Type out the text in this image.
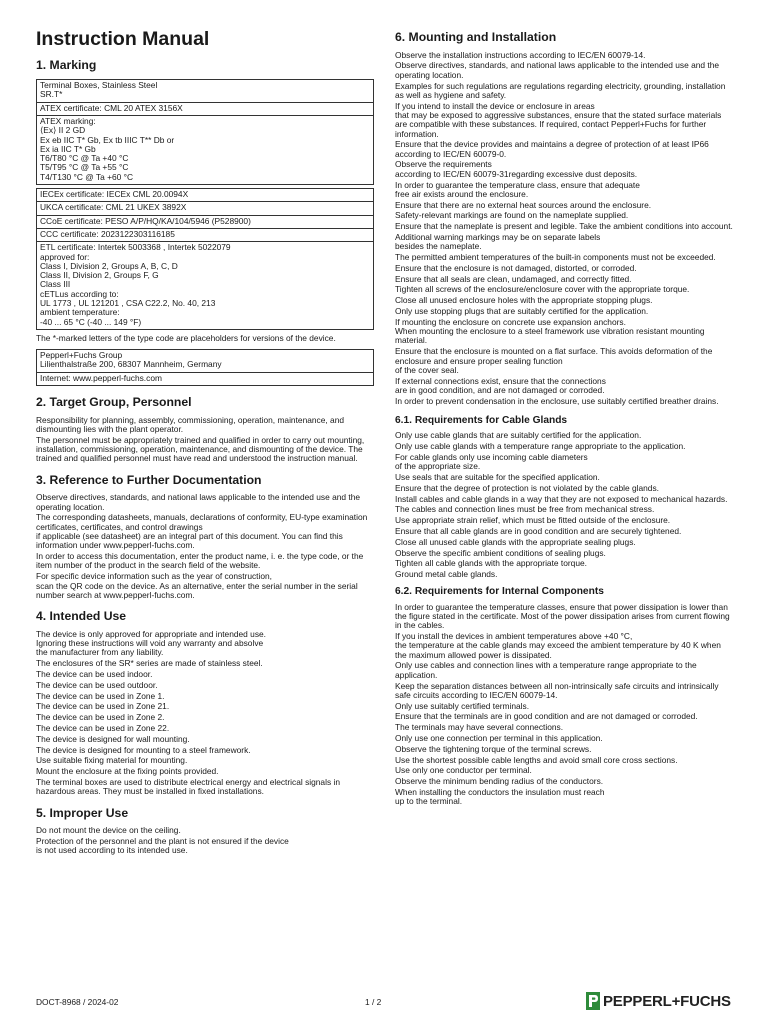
Instruction Manual
1. Marking

Terminal Boxes, Stainless Steel
SR.T*

ATEX certificate: CML 20 ATEX 3156X

ATEX marking:
⟨Ex⟩ II 2 GD
Ex eb IIC T* Gb, Ex tb IIIC T** Db or
Ex ia IIC T* Gb
T6/T80 °C @ Ta +40 °C
T5/T95 °C @ Ta +55 °C
T4/T130 °C @ Ta +60 °C

IECEx certificate: IECEx CML 20.0094X

UKCA certificate: CML 21 UKEX 3892X

CCoE certificate: PESO A/P/HQ/KA/104/5946 (P528900)

CCC certificate: 2023122303116185

ETL certificate: Intertek 5003368 , Intertek 5022079
approved for:
Class I, Division 2, Groups A, B, C, D
Class II, Division 2, Groups F, G
Class III
cETLus according to:
UL 1773 , UL 121201 , CSA C22.2, No. 40, 213
ambient temperature:
-40 ... 65 °C (-40 ... 149 °F)

The *-marked letters of the type code are placeholders for versions of the device.

Pepperl+Fuchs Group
Lilienthalstraße 200, 68307 Mannheim, Germany

Internet: www.pepperl-fuchs.com

2. Target Group, Personnel

Responsibility for planning, assembly, commissioning, operation, maintenance, and dismounting lies with the plant operator.

The personnel must be appropriately trained and qualified in order to carry out mounting, installation, commissioning, operation, maintenance, and dismounting of the device. The trained and qualified personnel must have read and understood the instruction manual.

3. Reference to Further Documentation

Observe directives, standards, and national laws applicable to the intended use and the operating location.

The corresponding datasheets, manuals, declarations of conformity, EU-type examination certificates, certificates, and control drawings
if applicable (see datasheet) are an integral part of this document. You can find this information under www.pepperl-fuchs.com.

In order to access this documentation, enter the product name, i. e. the type code, or the item number of the product in the search field of the website.

For specific device information such as the year of construction,
scan the QR code on the device. As an alternative, enter the serial number in the serial number search at www.pepperl-fuchs.com.

4. Intended Use

The device is only approved for appropriate and intended use.
Ignoring these instructions will void any warranty and absolve
the manufacturer from any liability.

The enclosures of the SR* series are made of stainless steel.

The device can be used indoor.

The device can be used outdoor.

The device can be used in Zone 1.

The device can be used in Zone 21.

The device can be used in Zone 2.

The device can be used in Zone 22.

The device is designed for wall mounting.

The device is designed for mounting to a steel framework.

Use suitable fixing material for mounting.

Mount the enclosure at the fixing points provided.

The terminal boxes are used to distribute electrical energy and electrical signals in hazardous areas. They must be installed in fixed installations.

5. Improper Use

Do not mount the device on the ceiling.

Protection of the personnel and the plant is not ensured if the device
is not used according to its intended use.

6. Mounting and Installation

Observe the installation instructions according to IEC/EN 60079-14.

Observe directives, standards, and national laws applicable to the intended use and the operating location.

Examples for such regulations are regulations regarding electricity, grounding, installation as well as hygiene and safety.

If you intend to install the device or enclosure in areas
that may be exposed to aggressive substances, ensure that the stated surface materials are compatible with these substances. If required, contact Pepperl+Fuchs for further information.

Ensure that the device provides and maintains a degree of protection of at least IP66 according to IEC/EN 60079-0.

Observe the requirements
according to IEC/EN 60079-31regarding excessive dust deposits.

In order to guarantee the temperature class, ensure that adequate
free air exists around the enclosure.

Ensure that there are no external heat sources around the enclosure.

Safety-relevant markings are found on the nameplate supplied.

Ensure that the nameplate is present and legible. Take the ambient conditions into account.

Additional warning markings may be on separate labels
besides the nameplate.

The permitted ambient temperatures of the built-in components must not be exceeded.

Ensure that the enclosure is not damaged, distorted, or corroded.

Ensure that all seals are clean, undamaged, and correctly fitted.

Tighten all screws of the enclosure/enclosure cover with the appropriate torque.

Close all unused enclosure holes with the appropriate stopping plugs.

Only use stopping plugs that are suitably certified for the application.

If mounting the enclosure on concrete use expansion anchors.
When mounting the enclosure to a steel framework use vibration resistant mounting material.

Ensure that the enclosure is mounted on a flat surface. This avoids deformation of the enclosure and ensure proper sealing function
of the cover seal.

If external connections exist, ensure that the connections
are in good condition, and are not damaged or corroded.

In order to prevent condensation in the enclosure, use suitably certified breather drains.

6.1. Requirements for Cable Glands

Only use cable glands that are suitably certified for the application.

Only use cable glands with a temperature range appropriate to the application.

For cable glands only use incoming cable diameters
of the appropriate size.

Use seals that are suitable for the specified application.

Ensure that the degree of protection is not violated by the cable glands.

Install cables and cable glands in a way that they are not exposed to mechanical hazards.

The cables and connection lines must be free from mechanical stress.

Use appropriate strain relief, which must be fitted outside of the enclosure.

Ensure that all cable glands are in good condition and are securely tightened.

Close all unused cable glands with the appropriate sealing plugs.

Observe the specific ambient conditions of sealing plugs.

Tighten all cable glands with the appropriate torque.

Ground metal cable glands.

6.2. Requirements for Internal Components

In order to guarantee the temperature classes, ensure that power dissipation is lower than the figure stated in the certificate. Most of the power dissipation arises from current flowing in the cables.

If you install the devices in ambient temperatures above +40 °C,
the temperature at the cable glands may exceed the ambient temperature by 40 K when the maximum allowed power is dissipated.

Only use cables and connection lines with a temperature range appropriate to the application.

Keep the separation distances between all non-intrinsically safe circuits and intrinsically safe circuits according to IEC/EN 60079-14.

Only use suitably certified terminals.

Ensure that the terminals are in good condition and are not damaged or corroded.

The terminals may have several connections.

Only use one connection per terminal in this application.

Observe the tightening torque of the terminal screws.

Use the shortest possible cable lengths and avoid small core cross sections.

Use only one conductor per terminal.

Observe the minimum bending radius of the conductors.

When installing the conductors the insulation must reach
up to the terminal.

DOCT-8968 / 2024-02	1 / 2	PEPPERL+FUCHS
